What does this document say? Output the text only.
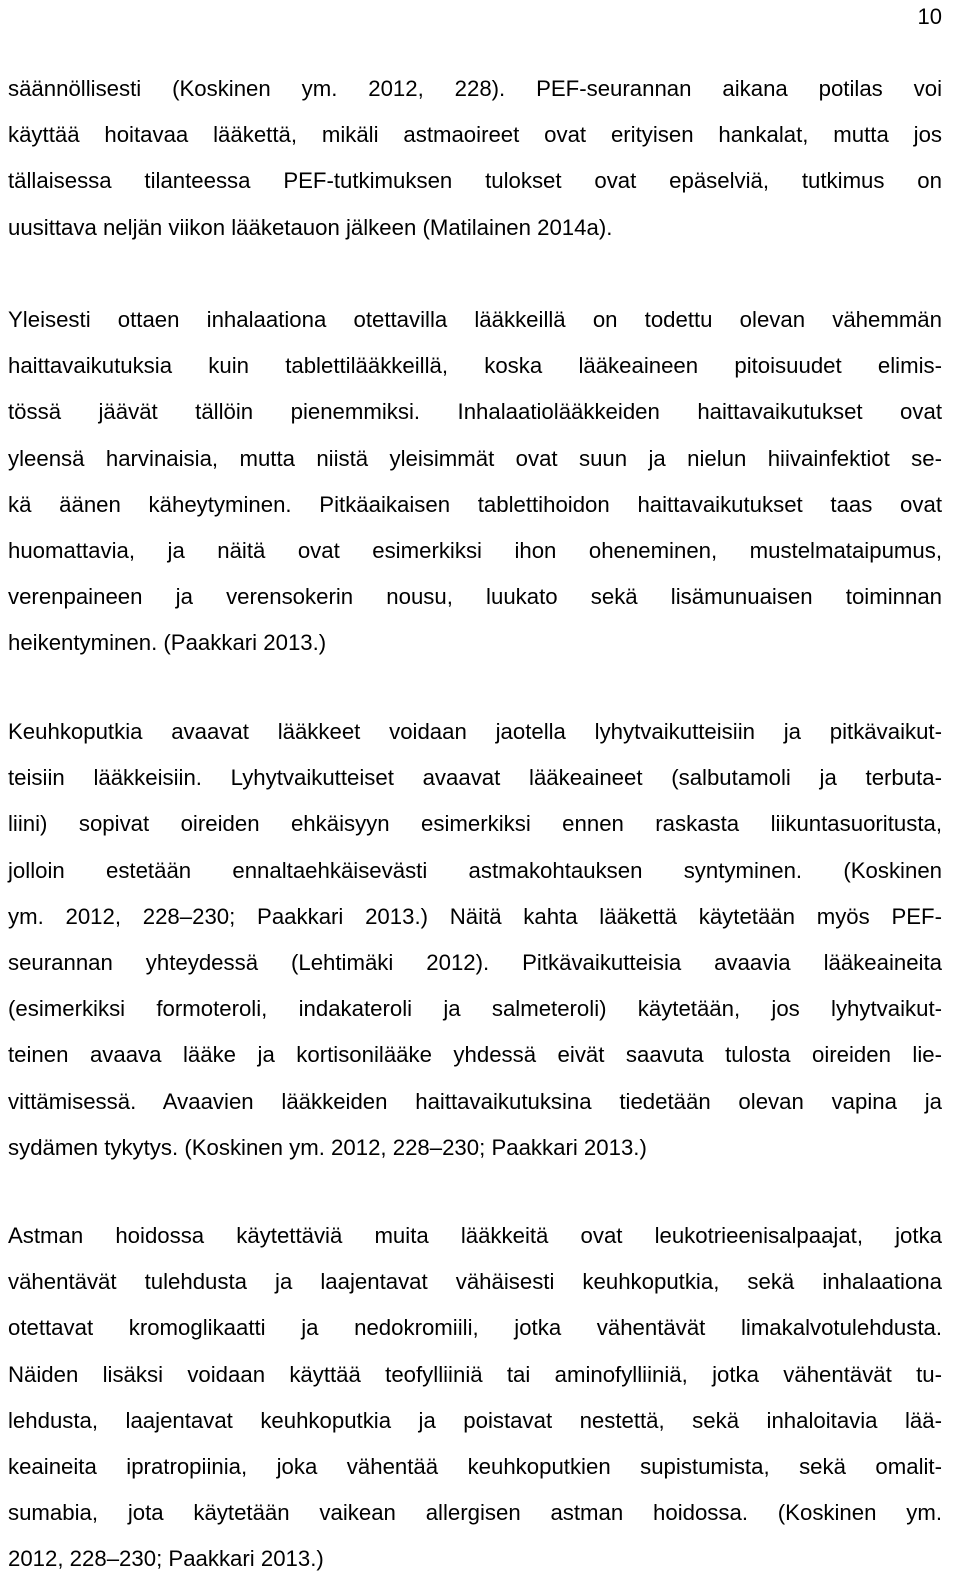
10
säännöllisesti (Koskinen ym. 2012, 228). PEF-seurannan aikana potilas voi
käyttää hoitavaa lääkettä, mikäli astmaoireet ovat erityisen hankalat, mutta jos
tällaisessa tilanteessa PEF-tutkimuksen tulokset ovat epäselviä, tutkimus on
uusittava neljän viikon lääketauon jälkeen (Matilainen 2014a).
Yleisesti ottaen inhalaationa otettavilla lääkkeillä on todettu olevan vähemmän
haittavaikutuksia kuin tablettilääkkeillä, koska lääkeaineen pitoisuudet elimis-
tössä jäävät tällöin pienemmiksi. Inhalaatiolääkkeiden haittavaikutukset ovat
yleensä harvinaisia, mutta niistä yleisimmät ovat suun ja nielun hiivainfektiot se-
kä äänen käheytyminen. Pitkäaikaisen tablettihoidon haittavaikutukset taas ovat
huomattavia, ja näitä ovat esimerkiksi ihon oheneminen, mustelmataipumus,
verenpaineen ja verensokerin nousu, luukato sekä lisämunuaisen toiminnan
heikentyminen. (Paakkari 2013.)
Keuhkoputkia avaavat lääkkeet voidaan jaotella lyhytvaikutteisiin ja pitkävaikut-
teisiin lääkkeisiin. Lyhytvaikutteiset avaavat lääkeaineet (salbutamoli ja terbuta-
liini) sopivat oireiden ehkäisyyn esimerkiksi ennen raskasta liikuntasuoritusta,
jolloin estetään ennaltaehkäisevästi astmakohtauksen syntyminen. (Koskinen
ym. 2012, 228–230; Paakkari 2013.) Näitä kahta lääkettä käytetään myös PEF-
seurannan yhteydessä (Lehtimäki 2012). Pitkävaikutteisia avaavia lääkeaineita
(esimerkiksi formoteroli, indakateroli ja salmeteroli) käytetään, jos lyhytvaikut-
teinen avaava lääke ja kortisonilääke yhdessä eivät saavuta tulosta oireiden lie-
vittämisessä. Avaavien lääkkeiden haittavaikutuksina tiedetään olevan vapina ja
sydämen tykytys. (Koskinen ym. 2012, 228–230; Paakkari 2013.)
Astman hoidossa käytettäviä muita lääkkeitä ovat leukotrieenisalpaajat, jotka
vähentävät tulehdusta ja laajentavat vähäisesti keuhkoputkia, sekä inhalaationa
otettavat kromoglikaatti ja nedokromiili, jotka vähentävät limakalvotulehdusta.
Näiden lisäksi voidaan käyttää teofylliiniä tai aminofylliiniä, jotka vähentävät tu-
lehdusta, laajentavat keuhkoputkia ja poistavat nestettä, sekä inhaloitavia lää-
keaineita ipratropiinia, joka vähentää keuhkoputkien supistumista, sekä omalit-
sumabia, jota käytetään vaikean allergisen astman hoidossa. (Koskinen ym.
2012, 228–230; Paakkari 2013.)
